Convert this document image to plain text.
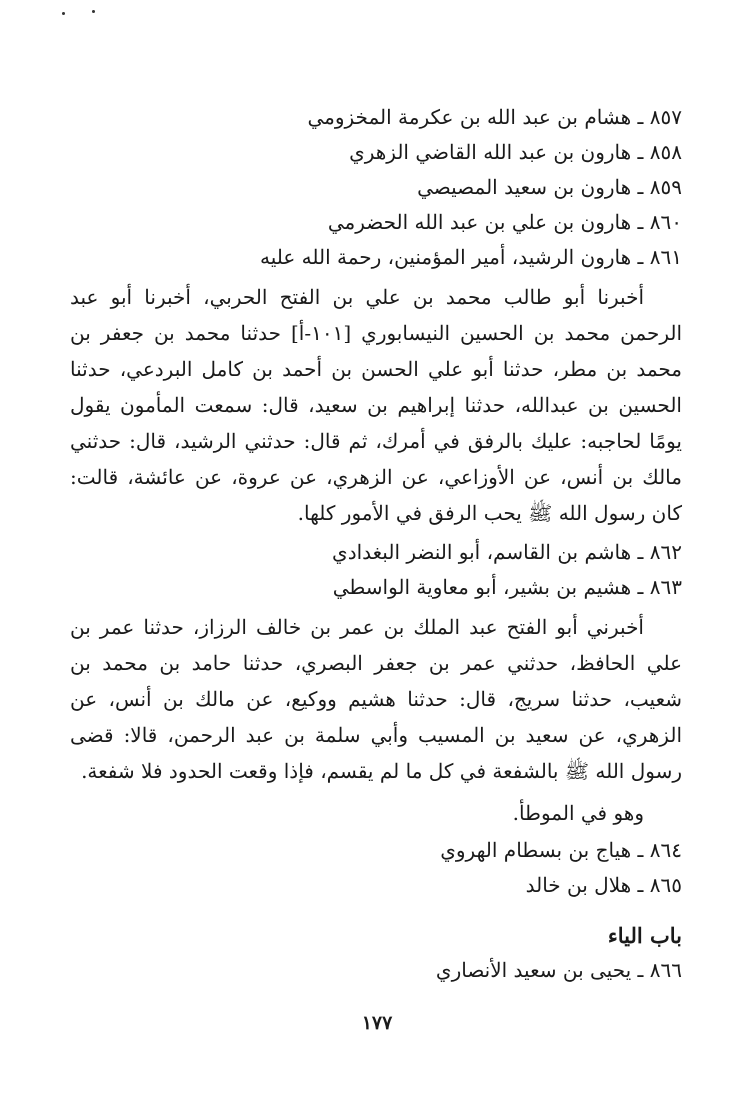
٨٥٧ ـ هشام بن عبد الله بن عكرمة المخزومي
٨٥٨ ـ هارون بن عبد الله القاضي الزهري
٨٥٩ ـ هارون بن سعيد المصيصي
٨٦٠ ـ هارون بن علي بن عبد الله الحضرمي
٨٦١ ـ هارون الرشيد، أمير المؤمنين، رحمة الله عليه

أخبرنا أبو طالب محمد بن علي بن الفتح الحربي، أخبرنا أبو عبد الرحمن محمد بن الحسين النيسابوري [١٠١-أ] حدثنا محمد بن جعفر بن محمد بن مطر، حدثنا أبو علي الحسن بن أحمد بن كامل البردعي، حدثنا الحسين بن عبدالله، حدثنا إبراهيم بن سعيد، قال: سمعت المأمون يقول يومًا لحاجبه: عليك بالرفق في أمرك، ثم قال: حدثني الرشيد، قال: حدثني مالك بن أنس، عن الأوزاعي، عن الزهري، عن عروة، عن عائشة، قالت: كان رسول الله ﷺ يحب الرفق في الأمور كلها.

٨٦٢ ـ هاشم بن القاسم، أبو النضر البغدادي
٨٦٣ ـ هشيم بن بشير، أبو معاوية الواسطي

أخبرني أبو الفتح عبد الملك بن عمر بن خالف الرزاز، حدثنا عمر بن علي الحافظ، حدثني عمر بن جعفر البصري، حدثنا حامد بن محمد بن شعيب، حدثنا سريج، قال: حدثنا هشيم ووكيع، عن مالك بن أنس، عن الزهري، عن سعيد بن المسيب وأبي سلمة بن عبد الرحمن، قالا: قضى رسول الله ﷺ بالشفعة في كل ما لم يقسم، فإذا وقعت الحدود فلا شفعة.

وهو في الموطأ.
٨٦٤ ـ هياج بن بسطام الهروي
٨٦٥ ـ هلال بن خالد
باب الياء
٨٦٦ ـ يحيى بن سعيد الأنصاري
١٧٧
